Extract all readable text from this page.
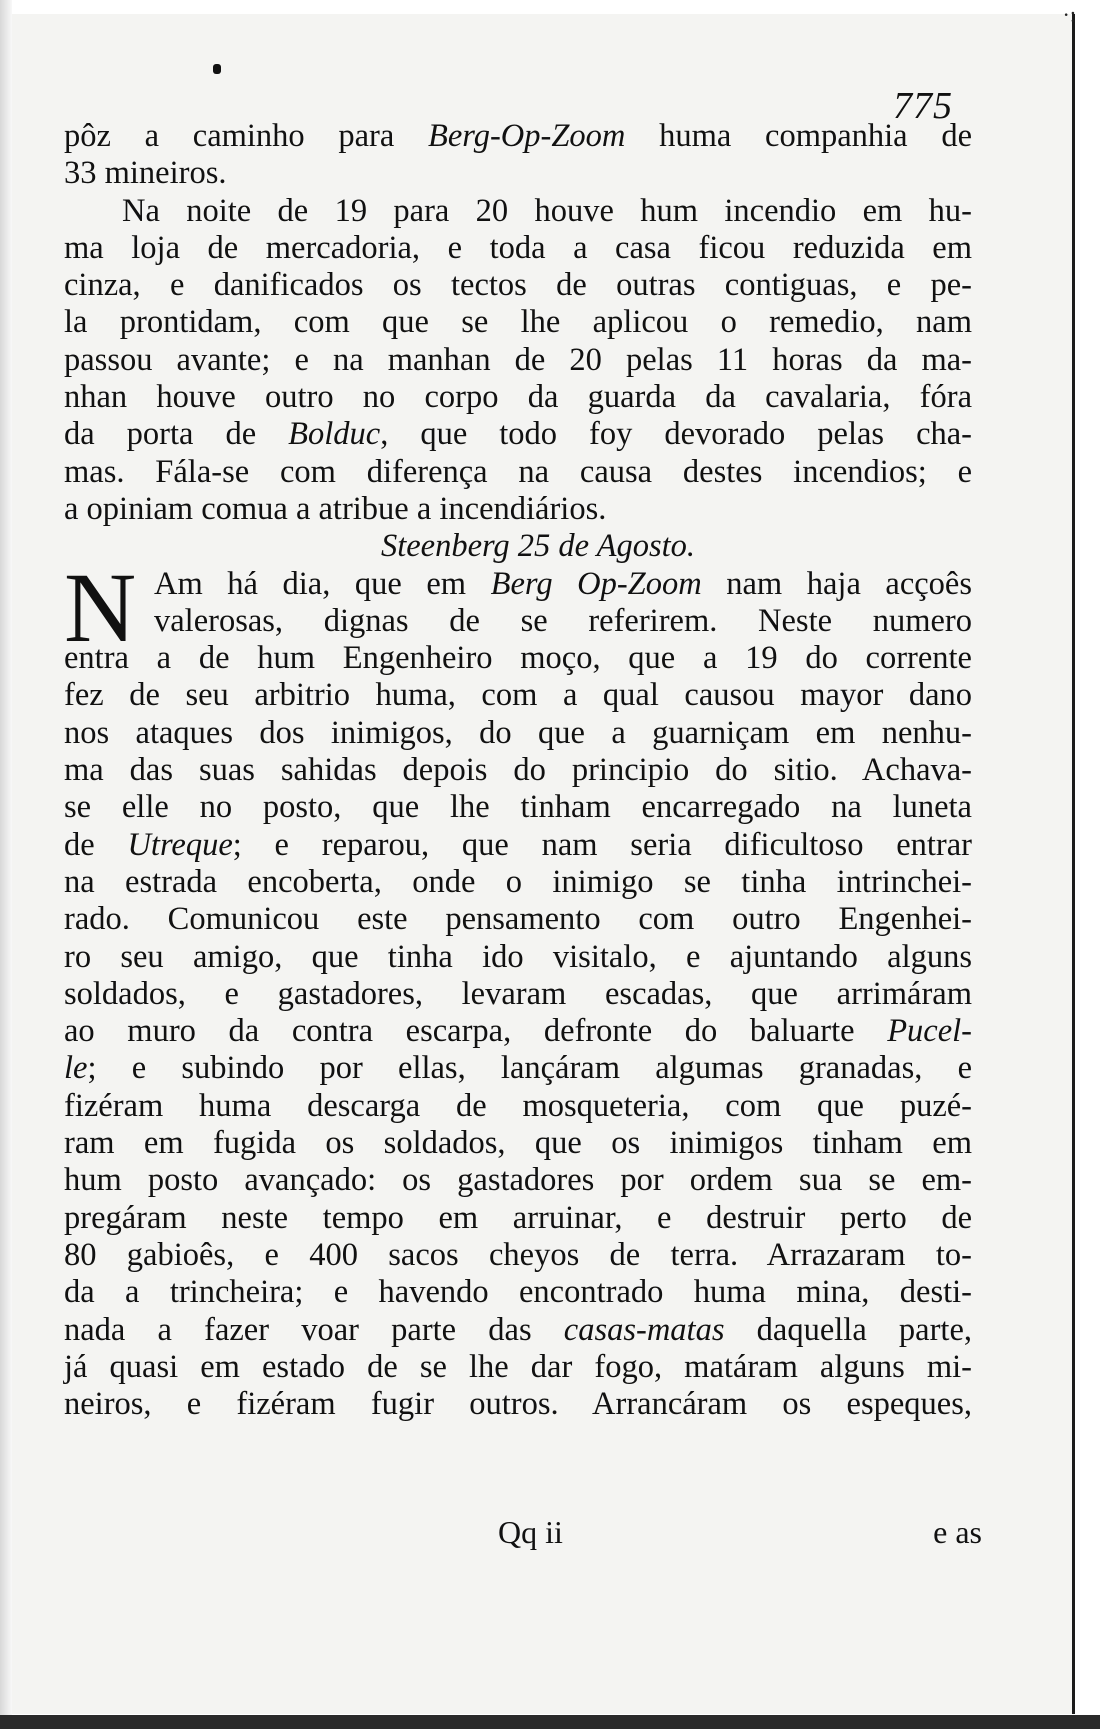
·:
775
pôz a caminho para Berg-Op-Zoom huma companhia de
33 mineiros.
Na noite de 19 para 20 houve hum incendio em hu-
ma loja de mercadoria, e toda a casa ficou reduzida em
cinza, e danificados os tectos de outras contiguas, e pe-
la prontidam, com que se lhe aplicou o remedio, nam
passou avante; e na manhan de 20 pelas 11 horas da ma-
nhan houve outro no corpo da guarda da cavalaria, fóra
da porta de Bolduc, que todo foy devorado pelas cha-
mas. Fála-se com diferença na causa destes incendios; e
a opiniam comua a atribue a incendiários.
Steenberg 25 de Agosto.
N Am há dia, que em Berg Op-Zoom nam haja acçoês
valerosas, dignas de se referirem. Neste numero
entra a de hum Engenheiro moço, que a 19 do corrente
fez de seu arbitrio huma, com a qual causou mayor dano
nos ataques dos inimigos, do que a guarniçam em nenhu-
ma das suas sahidas depois do principio do sitio. Achava-
se elle no posto, que lhe tinham encarregado na luneta
de Utreque; e reparou, que nam seria dificultoso entrar
na estrada encoberta, onde o inimigo se tinha intrinchei-
rado. Comunicou este pensamento com outro Engenhei-
ro seu amigo, que tinha ido visitalo, e ajuntando alguns
soldados, e gastadores, levaram escadas, que arrimáram
ao muro da contra escarpa, defronte do baluarte Pucel-
le; e subindo por ellas, lançáram algumas granadas, e
fizéram huma descarga de mosqueteria, com que puzé-
ram em fugida os soldados, que os inimigos tinham em
hum posto avançado: os gastadores por ordem sua se em-
pregáram neste tempo em arruinar, e destruir perto de
80 gabioês, e 400 sacos cheyos de terra. Arrazaram to-
da a trincheira; e havendo encontrado huma mina, desti-
nada a fazer voar parte das casas-matas daquella parte,
já quasi em estado de se lhe dar fogo, matáram alguns mi-
neiros, e fizéram fugir outros. Arrancáram os espeques,
Qq ii	e as
